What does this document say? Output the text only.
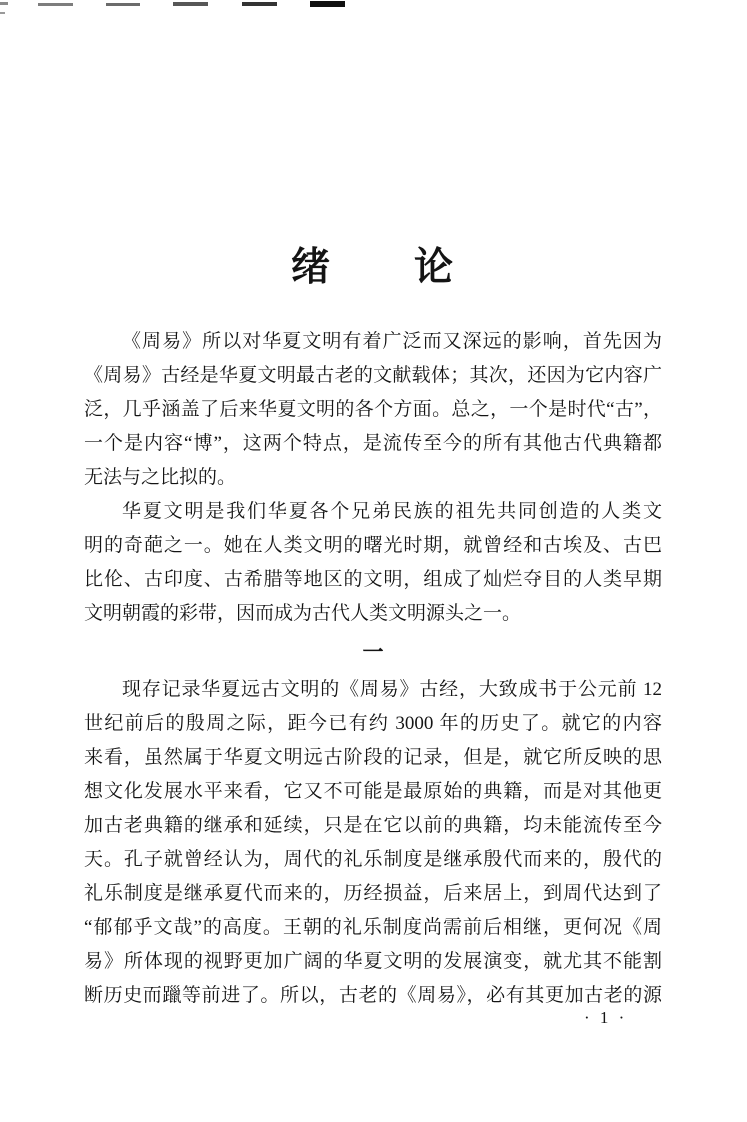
绪　　论
《周易》所以对华夏文明有着广泛而又深远的影响，首先因为
《周易》古经是华夏文明最古老的文献载体；其次，还因为它内容广
泛，几乎涵盖了后来华夏文明的各个方面。总之，一个是时代“古”，
一个是内容“博”，这两个特点，是流传至今的所有其他古代典籍都
无法与之比拟的。
华夏文明是我们华夏各个兄弟民族的祖先共同创造的人类文
明的奇葩之一。她在人类文明的曙光时期，就曾经和古埃及、古巴
比伦、古印度、古希腊等地区的文明，组成了灿烂夺目的人类早期
文明朝霞的彩带，因而成为古代人类文明源头之一。
一
现存记录华夏远古文明的《周易》古经，大致成书于公元前 12
世纪前后的殷周之际，距今已有约 3000 年的历史了。就它的内容
来看，虽然属于华夏文明远古阶段的记录，但是，就它所反映的思
想文化发展水平来看，它又不可能是最原始的典籍，而是对其他更
加古老典籍的继承和延续，只是在它以前的典籍，均未能流传至今
天。孔子就曾经认为，周代的礼乐制度是继承殷代而来的，殷代的
礼乐制度是继承夏代而来的，历经损益，后来居上，到周代达到了
“郁郁乎文哉”的高度。王朝的礼乐制度尚需前后相继，更何况《周
易》所体现的视野更加广阔的华夏文明的发展演变，就尤其不能割
断历史而躐等前进了。所以，古老的《周易》，必有其更加古老的源
· 1 ·
